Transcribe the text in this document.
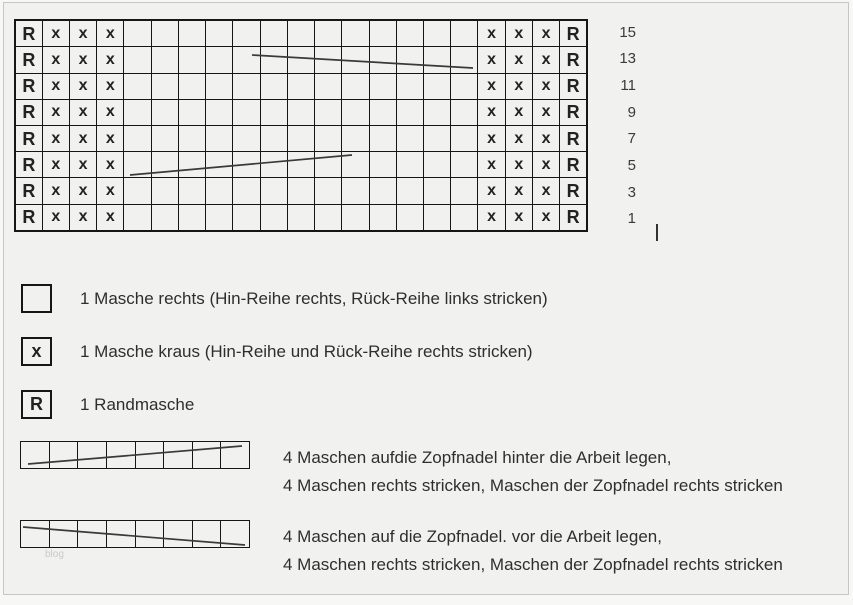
R	x	x	x														x	x	x	R
R	x	x	x														x	x	x	R
R	x	x	x														x	x	x	R
R	x	x	x														x	x	x	R
R	x	x	x														x	x	x	R
R	x	x	x														x	x	x	R
R	x	x	x														x	x	x	R
R	x	x	x														x	x	x	R
15
13
11
9
7
5
3
1
1 Masche rechts (Hin-Reihe rechts, Rück-Reihe links stricken)
x 1 Masche kraus (Hin-Reihe und Rück-Reihe rechts stricken)
R 1 Randmasche

4 Maschen aufdie Zopfnadel hinter die Arbeit legen,
4 Maschen rechts stricken, Maschen der Zopfnadel rechts stricken

4 Maschen auf die Zopfnadel. vor die Arbeit legen,
4 Maschen rechts stricken, Maschen der Zopfnadel rechts stricken
blog
